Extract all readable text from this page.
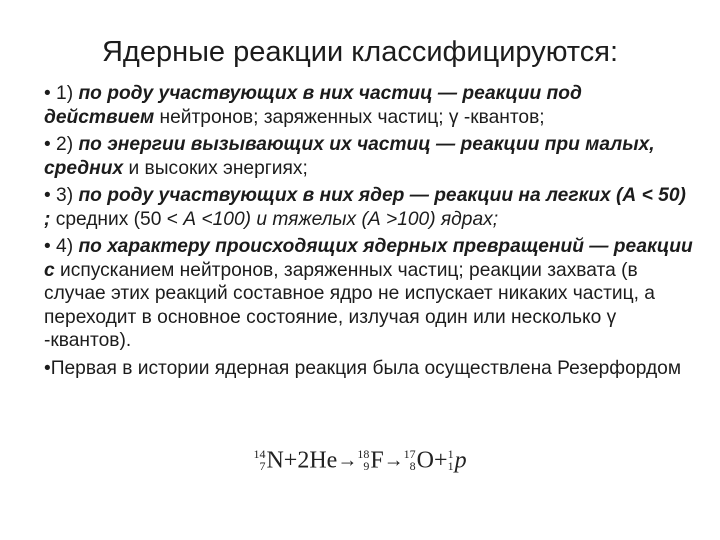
Ядерные реакции классифицируются:

• 1) по роду участвующих в них частиц — реакции под действием нейтронов; заряженных частиц; γ -квантов;

• 2) по энергии вызывающих их частиц — реакции при малых, средних и высоких энергиях;

• 3) по роду участвующих в них ядер — реакции на легких (А < 50) ; средних (50 < А <100) и тяжелых (А >100) ядрах;

• 4) по характеру происходящих ядерных превращений — реакции с испусканием нейтронов, заряженных частиц; реакции захвата (в случае этих реакций составное ядро не испускает никаких частиц, а переходит в основное состояние, излучая один или несколько γ -квантов).

•Первая в истории ядерная реакция была осуществлена Резерфордом

14
7 N+2He→ 18
9 F→ 17
8 O+ 1
1 p
